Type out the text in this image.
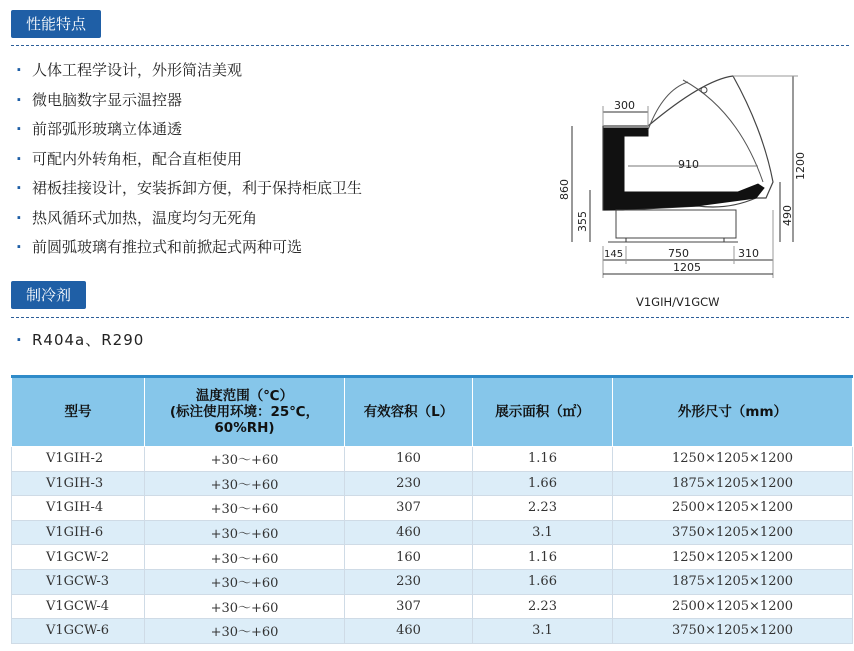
性能特点
· 人体工程学设计，外形简洁美观
· 微电脑数字显示温控器
· 前部弧形玻璃立体通透
· 可配内外转角柜，配合直柜使用
· 裙板挂接设计，安装拆卸方便，利于保持柜底卫生
· 热风循环式加热，温度均匀无死角
· 前圆弧玻璃有推拉式和前掀起式两种可选
制冷剂
· R404a、R290
300
910	1200
490
860
355
145	750	310
1205
V1GIH/V1GCW
型号	温度范围（℃）
(标注使用环境：25℃，
60%RH)	有效容积（L）	展示面积（㎡）	外形尺寸（mm）
V1GIH-2	+30～+60	160	1.16	1250×1205×1200
V1GIH-3	+30～+60	230	1.66	1875×1205×1200
V1GIH-4	+30～+60	307	2.23	2500×1205×1200
V1GIH-6	+30～+60	460	3.1	3750×1205×1200
V1GCW-2	+30～+60	160	1.16	1250×1205×1200
V1GCW-3	+30～+60	230	1.66	1875×1205×1200
V1GCW-4	+30～+60	307	2.23	2500×1205×1200
V1GCW-6	+30～+60	460	3.1	3750×1205×1200
